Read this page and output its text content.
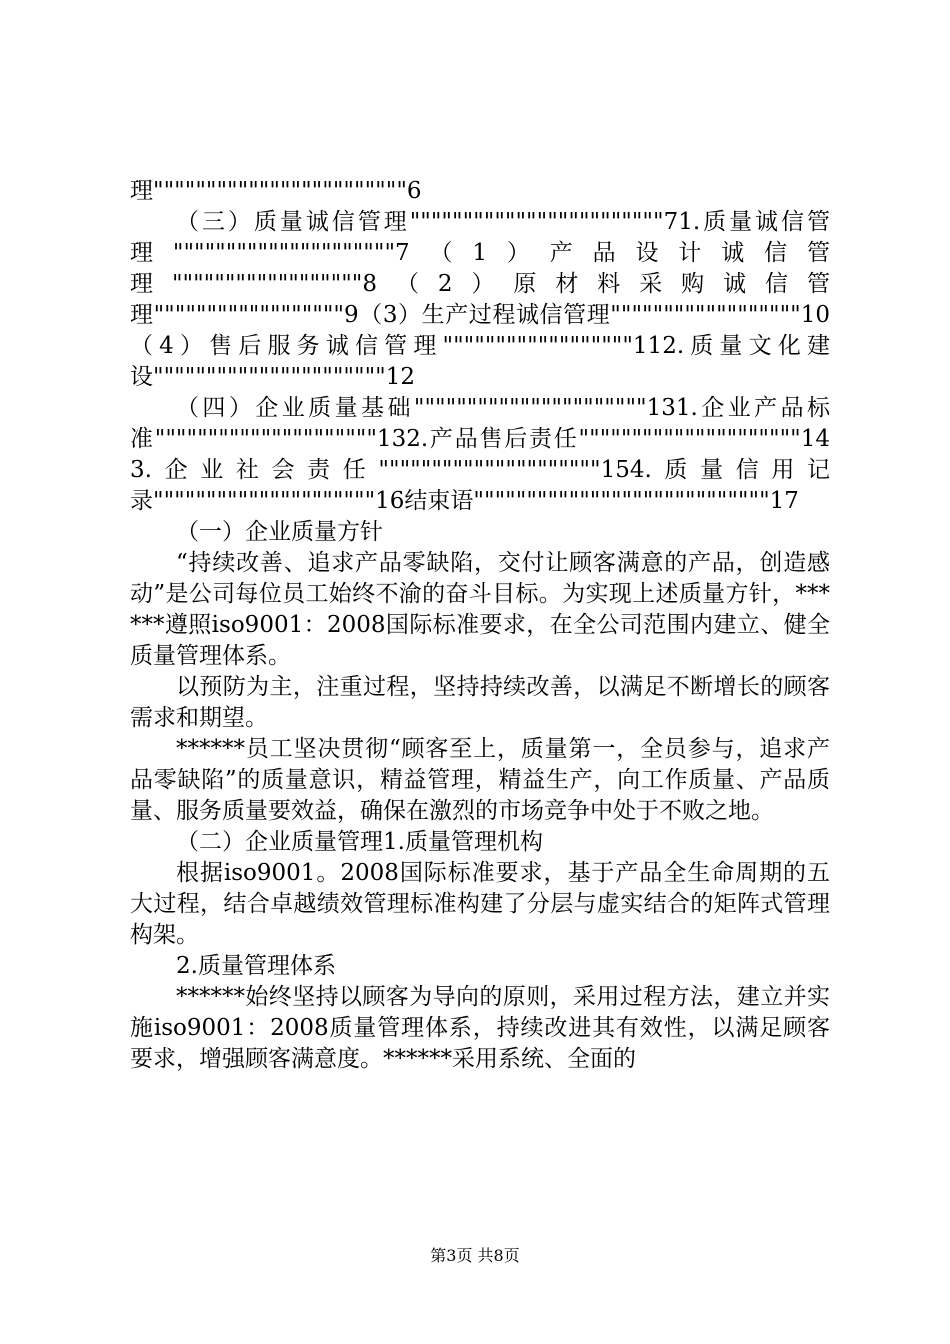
理""""""""""""""""""""""""6

（三）质量诚信管理""""""""""""""""""""""""71.质量诚信管理"""""""""""""""""""""7（1）产品设计诚信管理""""""""""""""""""8（2）原材料采购诚信管理""""""""""""""""""9（3）生产过程诚信管理""""""""""""""""""10（4）售后服务诚信管理""""""""""""""""""112.质量文化建设""""""""""""""""""""""12

（四）企业质量基础""""""""""""""""""""""131.企业产品标准"""""""""""""""""""""132.产品售后责任"""""""""""""""""""""143.企业社会责任"""""""""""""""""""""154.质量信用记录"""""""""""""""""""""16结束语""""""""""""""""""""""""""""17

（一）企业质量方针

“持续改善、追求产品零缺陷，交付让顾客满意的产品，创造感动”是公司每位员工始终不渝的奋斗目标。为实现上述质量方针，******遵照iso9001：2008国际标准要求，在全公司范围内建立、健全质量管理体系。

以预防为主，注重过程，坚持持续改善，以满足不断增长的顾客需求和期望。

******员工坚决贯彻“顾客至上，质量第一，全员参与，追求产品零缺陷”的质量意识，精益管理，精益生产，向工作质量、产品质量、服务质量要效益，确保在激烈的市场竞争中处于不败之地。

（二）企业质量管理1.质量管理机构

根据iso9001。2008国际标准要求，基于产品全生命周期的五大过程，结合卓越绩效管理标准构建了分层与虚实结合的矩阵式管理构架。

2.质量管理体系

******始终坚持以顾客为导向的原则，采用过程方法，建立并实施iso9001：2008质量管理体系，持续改进其有效性，以满足顾客要求，增强顾客满意度。******采用系统、全面的

第3页 共8页
